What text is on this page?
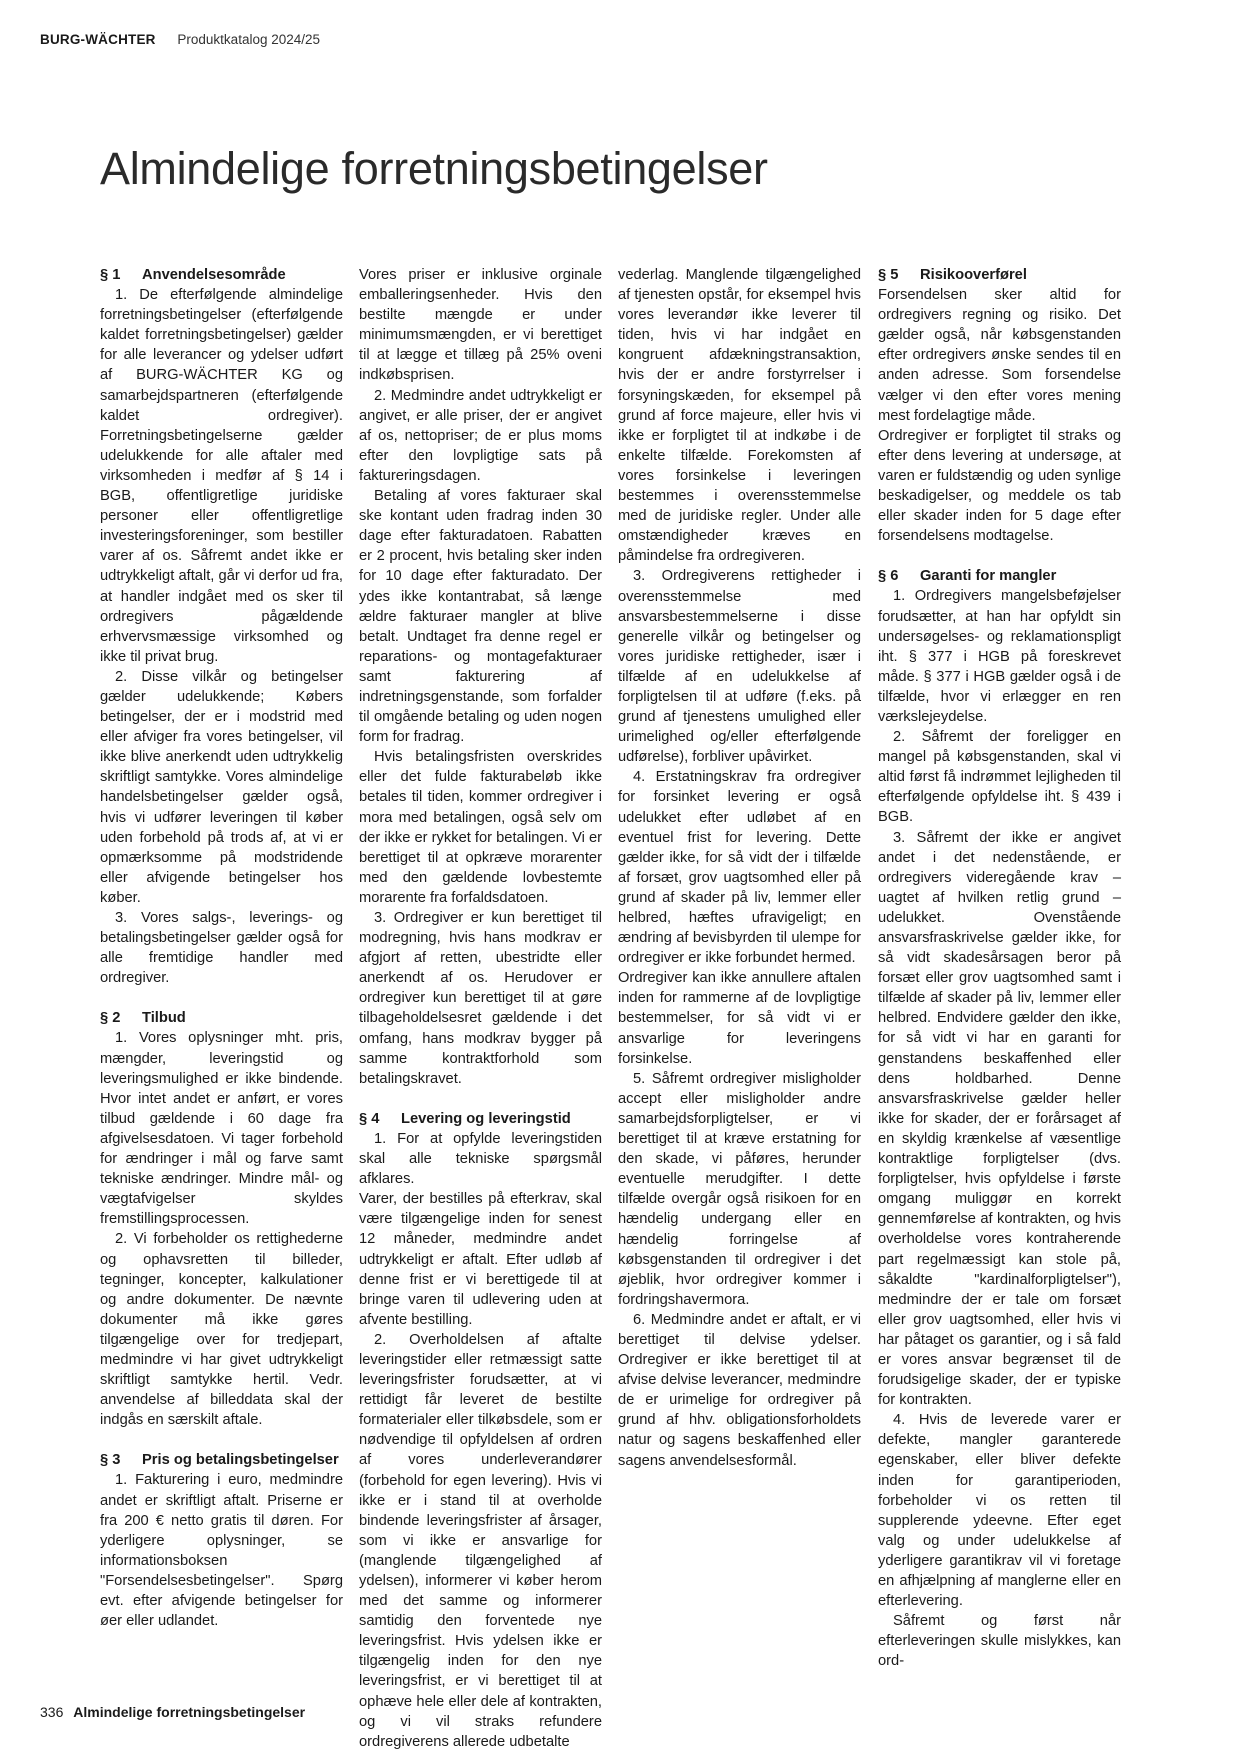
BURG-WÄCHTER Produktkatalog 2024/25
Almindelige forretningsbetingelser
§ 1	Anvendelsesområde

1. De efterfølgende almindelige forretningsbetingelser (efterfølgende kaldet forretningsbetingelser) gælder for alle leverancer og ydelser udført af BURG-WÄCHTER KG og samarbejdspartneren (efterfølgende kaldet ordregiver). Forretningsbetingelserne gælder udelukkende for alle aftaler med virksomheden i medfør af § 14 i BGB, offentligretlige juridiske personer eller offentligretlige investeringsforeninger, som bestiller varer af os. Såfremt andet ikke er udtrykkeligt aftalt, går vi derfor ud fra, at handler indgået med os sker til ordregivers pågældende erhvervsmæssige virksomhed og ikke til privat brug.

2. Disse vilkår og betingelser gælder udelukkende; Købers betingelser, der er i modstrid med eller afviger fra vores betingelser, vil ikke blive anerkendt uden udtrykkelig skriftligt samtykke. Vores almindelige handelsbetingelser gælder også, hvis vi udfører leveringen til køber uden forbehold på trods af, at vi er opmærksomme på modstridende eller afvigende betingelser hos køber.

3. Vores salgs-, leverings- og betalingsbetingelser gælder også for alle fremtidige handler med ordregiver.

§ 2	Tilbud

1. Vores oplysninger mht. pris, mængder, leveringstid og leveringsmulighed er ikke bindende. Hvor intet andet er anført, er vores tilbud gældende i 60 dage fra afgivelsesdatoen. Vi tager forbehold for ændringer i mål og farve samt tekniske ændringer. Mindre mål- og vægtafvigelser skyldes fremstillingsprocessen.

2. Vi forbeholder os rettighederne og ophavsretten til billeder, tegninger, koncepter, kalkulationer og andre dokumenter. De nævnte dokumenter må ikke gøres tilgængelige over for tredjepart, medmindre vi har givet udtrykkeligt skriftligt samtykke hertil. Vedr. anvendelse af billeddata skal der indgås en særskilt aftale.

§ 3	Pris og betalingsbetingelser

1. Fakturering i euro, medmindre andet er skriftligt aftalt. Priserne er fra 200 € netto gratis til døren. For yderligere oplysninger, se informationsboksen "Forsendelsesbetingelser". Spørg evt. efter afvigende betingelser for øer eller udlandet.

Vores priser er inklusive orginale emballeringsenheder. Hvis den bestilte mængde er under minimumsmængden, er vi berettiget til at lægge et tillæg på 25% oveni indkøbsprisen.

2. Medmindre andet udtrykkeligt er angivet, er alle priser, der er angivet af os, nettopriser; de er plus moms efter den lovpligtige sats på faktureringsdagen.

Betaling af vores fakturaer skal ske kontant uden fradrag inden 30 dage efter fakturadatoen. Rabatten er 2 procent, hvis betaling sker inden for 10 dage efter fakturadato. Der ydes ikke kontantrabat, så længe ældre fakturaer mangler at blive betalt. Undtaget fra denne regel er reparations- og montagefakturaer samt fakturering af indretningsgenstande, som forfalder til omgående betaling og uden nogen form for fradrag.

Hvis betalingsfristen overskrides eller det fulde fakturabeløb ikke betales til tiden, kommer ordregiver i mora med betalingen, også selv om der ikke er rykket for betalingen. Vi er berettiget til at opkræve morarenter med den gældende lovbestemte morarente fra forfaldsdatoen.

3. Ordregiver er kun berettiget til modregning, hvis hans modkrav er afgjort af retten, ubestridte eller anerkendt af os. Herudover er ordregiver kun berettiget til at gøre tilbageholdelsesret gældende i det omfang, hans modkrav bygger på samme kontraktforhold som betalingskravet.

§ 4	Levering og leveringstid

1. For at opfylde leveringstiden skal alle tekniske spørgsmål afklares.

Varer, der bestilles på efterkrav, skal være tilgængelige inden for senest 12 måneder, medmindre andet udtrykkeligt er aftalt. Efter udløb af denne frist er vi berettigede til at bringe varen til udlevering uden at afvente bestilling.

2. Overholdelsen af aftalte leveringstider eller retmæssigt satte leveringsfrister forudsætter, at vi rettidigt får leveret de bestilte formaterialer eller tilkøbsdele, som er nødvendige til opfyldelsen af ordren af vores underleverandører (forbehold for egen levering). Hvis vi ikke er i stand til at overholde bindende leveringsfrister af årsager, som vi ikke er ansvarlige for (manglende tilgængelighed af ydelsen), informerer vi køber herom med det samme og informerer samtidig den forventede nye leveringsfrist. Hvis ydelsen ikke er tilgængelig inden for den nye leveringsfrist, er vi berettiget til at ophæve hele eller dele af kontrakten, og vi vil straks refundere ordregiverens allerede udbetalte

vederlag. Manglende tilgængelighed af tjenesten opstår, for eksempel hvis vores leverandør ikke leverer til tiden, hvis vi har indgået en kongruent afdækningstransaktion, hvis der er andre forstyrrelser i forsyningskæden, for eksempel på grund af force majeure, eller hvis vi ikke er forpligtet til at indkøbe i de enkelte tilfælde. Forekomsten af vores forsinkelse i leveringen bestemmes i overensstemmelse med de juridiske regler. Under alle omstændigheder kræves en påmindelse fra ordregiveren.

3. Ordregiverens rettigheder i overensstemmelse med ansvarsbestemmelserne i disse generelle vilkår og betingelser og vores juridiske rettigheder, især i tilfælde af en udelukkelse af forpligtelsen til at udføre (f.eks. på grund af tjenestens umulighed eller urimelighed og/eller efterfølgende udførelse), forbliver upåvirket.

4. Erstatningskrav fra ordregiver for forsinket levering er også udelukket efter udløbet af en eventuel frist for levering. Dette gælder ikke, for så vidt der i tilfælde af forsæt, grov uagtsomhed eller på grund af skader på liv, lemmer eller helbred, hæftes ufravigeligt; en ændring af bevisbyrden til ulempe for ordregiver er ikke forbundet hermed.

Ordregiver kan ikke annullere aftalen inden for rammerne af de lovpligtige bestemmelser, for så vidt vi er ansvarlige for leveringens forsinkelse.

5. Såfremt ordregiver misligholder accept eller misligholder andre samarbejdsforpligtelser, er vi berettiget til at kræve erstatning for den skade, vi påføres, herunder eventuelle merudgifter. I dette tilfælde overgår også risikoen for en hændelig undergang eller en hændelig forringelse af købsgenstanden til ordregiver i det øjeblik, hvor ordregiver kommer i fordringshavermora.

6. Medmindre andet er aftalt, er vi berettiget til delvise ydelser. Ordregiver er ikke berettiget til at afvise delvise leverancer, medmindre de er urimelige for ordregiver på grund af hhv. obligationsforholdets natur og sagens beskaffenhed eller sagens anvendelsesformål.

§ 5	Risikooverførel

Forsendelsen sker altid for ordregivers regning og risiko. Det gælder også, når købsgenstanden efter ordregivers ønske sendes til en anden adresse. Som forsendelse vælger vi den efter vores mening mest fordelagtige måde.

Ordregiver er forpligtet til straks og efter dens levering at undersøge, at varen er fuldstændig og uden synlige beskadigelser, og meddele os tab eller skader inden for 5 dage efter forsendelsens modtagelse.

§ 6	Garanti for mangler

1. Ordregivers mangelsbeføjelser forudsætter, at han har opfyldt sin undersøgelses- og reklamationspligt iht. § 377 i HGB på foreskrevet måde. § 377 i HGB gælder også i de tilfælde, hvor vi erlægger en ren værkslejeydelse.

2. Såfremt der foreligger en mangel på købsgenstanden, skal vi altid først få indrømmet lejligheden til efterfølgende opfyldelse iht. § 439 i BGB.

3. Såfremt der ikke er angivet andet i det nedenstående, er ordregivers videregående krav – uagtet af hvilken retlig grund – udelukket. Ovenstående ansvarsfraskrivelse gælder ikke, for så vidt skadesårsagen beror på forsæt eller grov uagtsomhed samt i tilfælde af skader på liv, lemmer eller helbred. Endvidere gælder den ikke, for så vidt vi har en garanti for genstandens beskaffenhed eller dens holdbarhed. Denne ansvarsfraskrivelse gælder heller ikke for skader, der er forårsaget af en skyldig krænkelse af væsentlige kontraktlige forpligtelser (dvs. forpligtelser, hvis opfyldelse i første omgang muliggør en korrekt gennemførelse af kontrakten, og hvis overholdelse vores kontraherende part regelmæssigt kan stole på, såkaldte "kardinalforpligtelser"), medmindre der er tale om forsæt eller grov uagtsomhed, eller hvis vi har påtaget os garantier, og i så fald er vores ansvar begrænset til de forudsigelige skader, der er typiske for kontrakten.

4. Hvis de leverede varer er defekte, mangler garanterede egenskaber, eller bliver defekte inden for garantiperioden, forbeholder vi os retten til supplerende ydeevne. Efter eget valg og under udelukkelse af yderligere garantikrav vil vi foretage en afhjælpning af manglerne eller en efterlevering.

Såfremt og først når efterleveringen skulle mislykkes, kan ord-

336 Almindelige forretningsbetingelser
